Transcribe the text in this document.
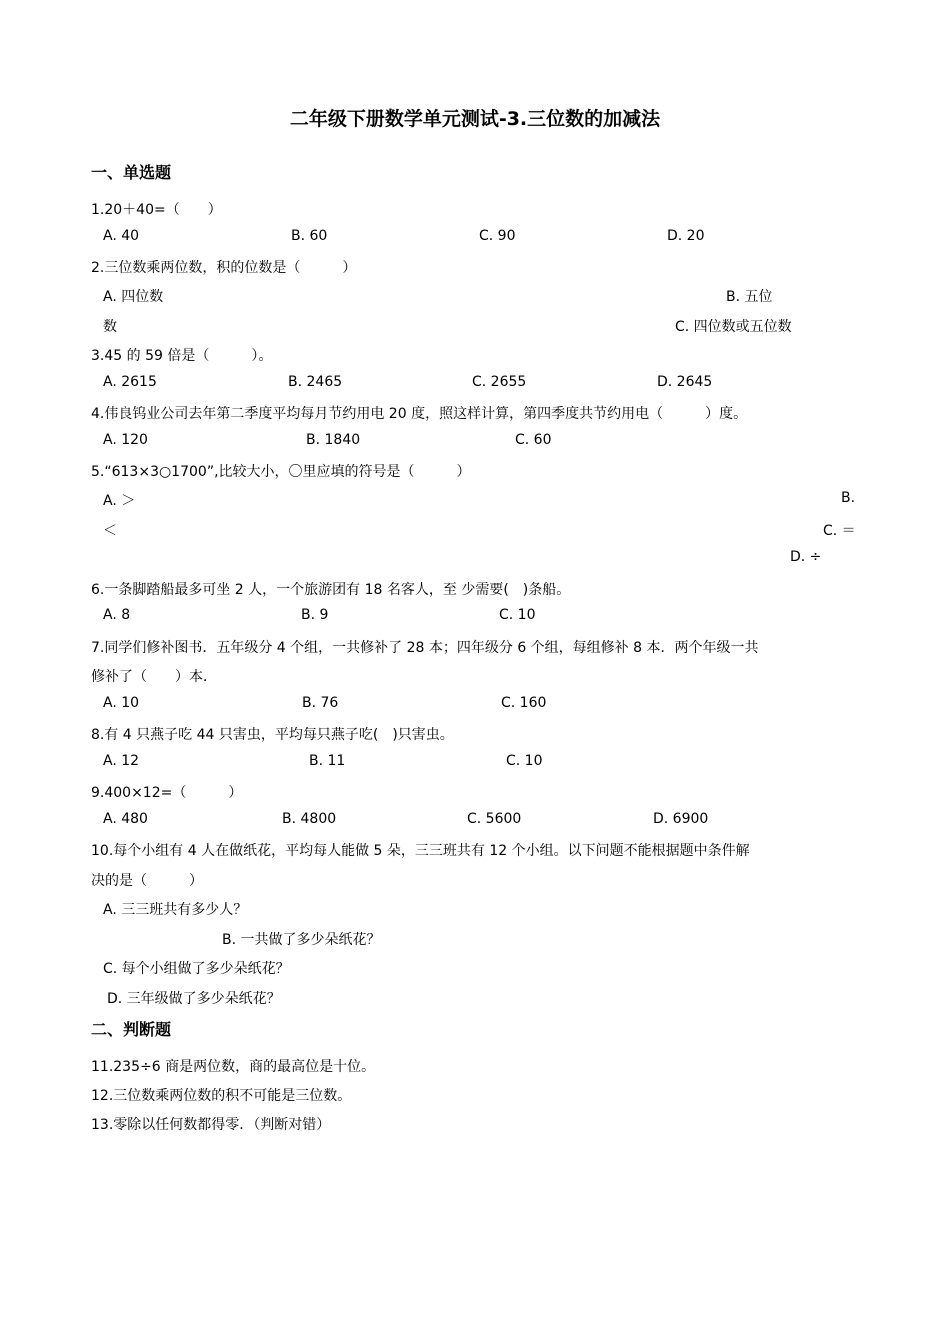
二年级下册数学单元测试-3.三位数的加减法
一、单选题
1.20＋40=（　　）
A. 40	B. 60	C. 90	D. 20
2.三位数乘两位数，积的位数是（　　　）
A. 四位数	B. 五位
数	C. 四位数或五位数
3.45 的 59 倍是（　　　）。
A. 2615	B. 2465	C. 2655	D. 2645
4.伟良钨业公司去年第二季度平均每月节约用电 20 度，照这样计算，第四季度共节约用电（　　　）度。
A. 120	B. 1840	C. 60
5.“613×3○1700”,比较大小，〇里应填的符号是（　　　）
A. ＞	B.
＜	C. ＝
D. ÷
6.一条脚踏船最多可坐 2 人，一个旅游团有 18 名客人，至 少需要(　)条船。
A. 8	B. 9	C. 10
7.同学们修补图书．五年级分 4 个组，一共修补了 28 本；四年级分 6 个组，每组修补 8 本．两个年级一共
修补了（　　）本．
A. 10	B. 76	C. 160
8.有 4 只燕子吃 44 只害虫，平均每只燕子吃(　)只害虫。
A. 12	B. 11	C. 10
9.400×12=（　　　）
A. 480	B. 4800	C. 5600	D. 6900
10.每个小组有 4 人在做纸花，平均每人能做 5 朵，三三班共有 12 个小组。以下问题不能根据题中条件解
决的是（　　　）
A. 三三班共有多少人？
B. 一共做了多少朵纸花？
C. 每个小组做了多少朵纸花？
D. 三年级做了多少朵纸花？
二、判断题
11.235÷6 商是两位数，商的最高位是十位。
12.三位数乘两位数的积不可能是三位数。
13.零除以任何数都得零．（判断对错）
